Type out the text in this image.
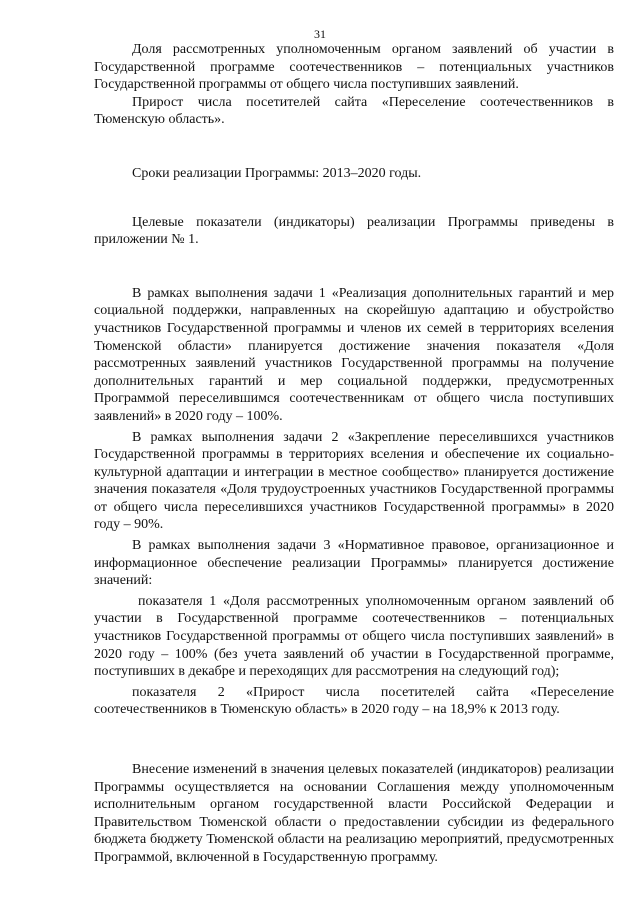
31

Доля рассмотренных уполномоченным органом заявлений об участии в Государственной программе соотечественников – потенциальных участников Государственной программы от общего числа поступивших заявлений.

Прирост числа посетителей сайта «Переселение соотечественников в Тюменскую область».

Сроки реализации Программы: 2013–2020 годы.

Целевые показатели (индикаторы) реализации Программы приведены в приложении № 1.

В рамках выполнения задачи 1 «Реализация дополнительных гарантий и мер социальной поддержки, направленных на скорейшую адаптацию и обустройство участников Государственной программы и членов их семей в территориях вселения Тюменской области» планируется достижение значения показателя «Доля рассмотренных заявлений участников Государственной программы на получение дополнительных гарантий и мер социальной поддержки, предусмотренных Программой переселившимся соотечественникам от общего числа поступивших заявлений» в 2020 году – 100%.

В рамках выполнения задачи 2 «Закрепление переселившихся участников Государственной программы в территориях вселения и обеспечение их социально-культурной адаптации и интеграции в местное сообщество» планируется достижение значения показателя «Доля трудоустроенных участников Государственной программы от общего числа переселившихся участников Государственной программы» в 2020 году – 90%.

В рамках выполнения задачи 3 «Нормативное правовое, организационное и информационное обеспечение реализации Программы» планируется достижение значений:

показателя 1 «Доля рассмотренных уполномоченным органом заявлений об участии в Государственной программе соотечественников – потенциальных участников Государственной программы от общего числа поступивших заявлений» в 2020 году – 100% (без учета заявлений об участии в Государственной программе, поступивших в декабре и переходящих для рассмотрения на следующий год);

показателя 2 «Прирост числа посетителей сайта «Переселение соотечественников в Тюменскую область» в 2020 году – на 18,9% к 2013 году.

Внесение изменений в значения целевых показателей (индикаторов) реализации Программы осуществляется на основании Соглашения между уполномоченным исполнительным органом государственной власти Российской Федерации и Правительством Тюменской области о предоставлении субсидии из федерального бюджета бюджету Тюменской области на реализацию мероприятий, предусмотренных Программой, включенной в Государственную программу.
